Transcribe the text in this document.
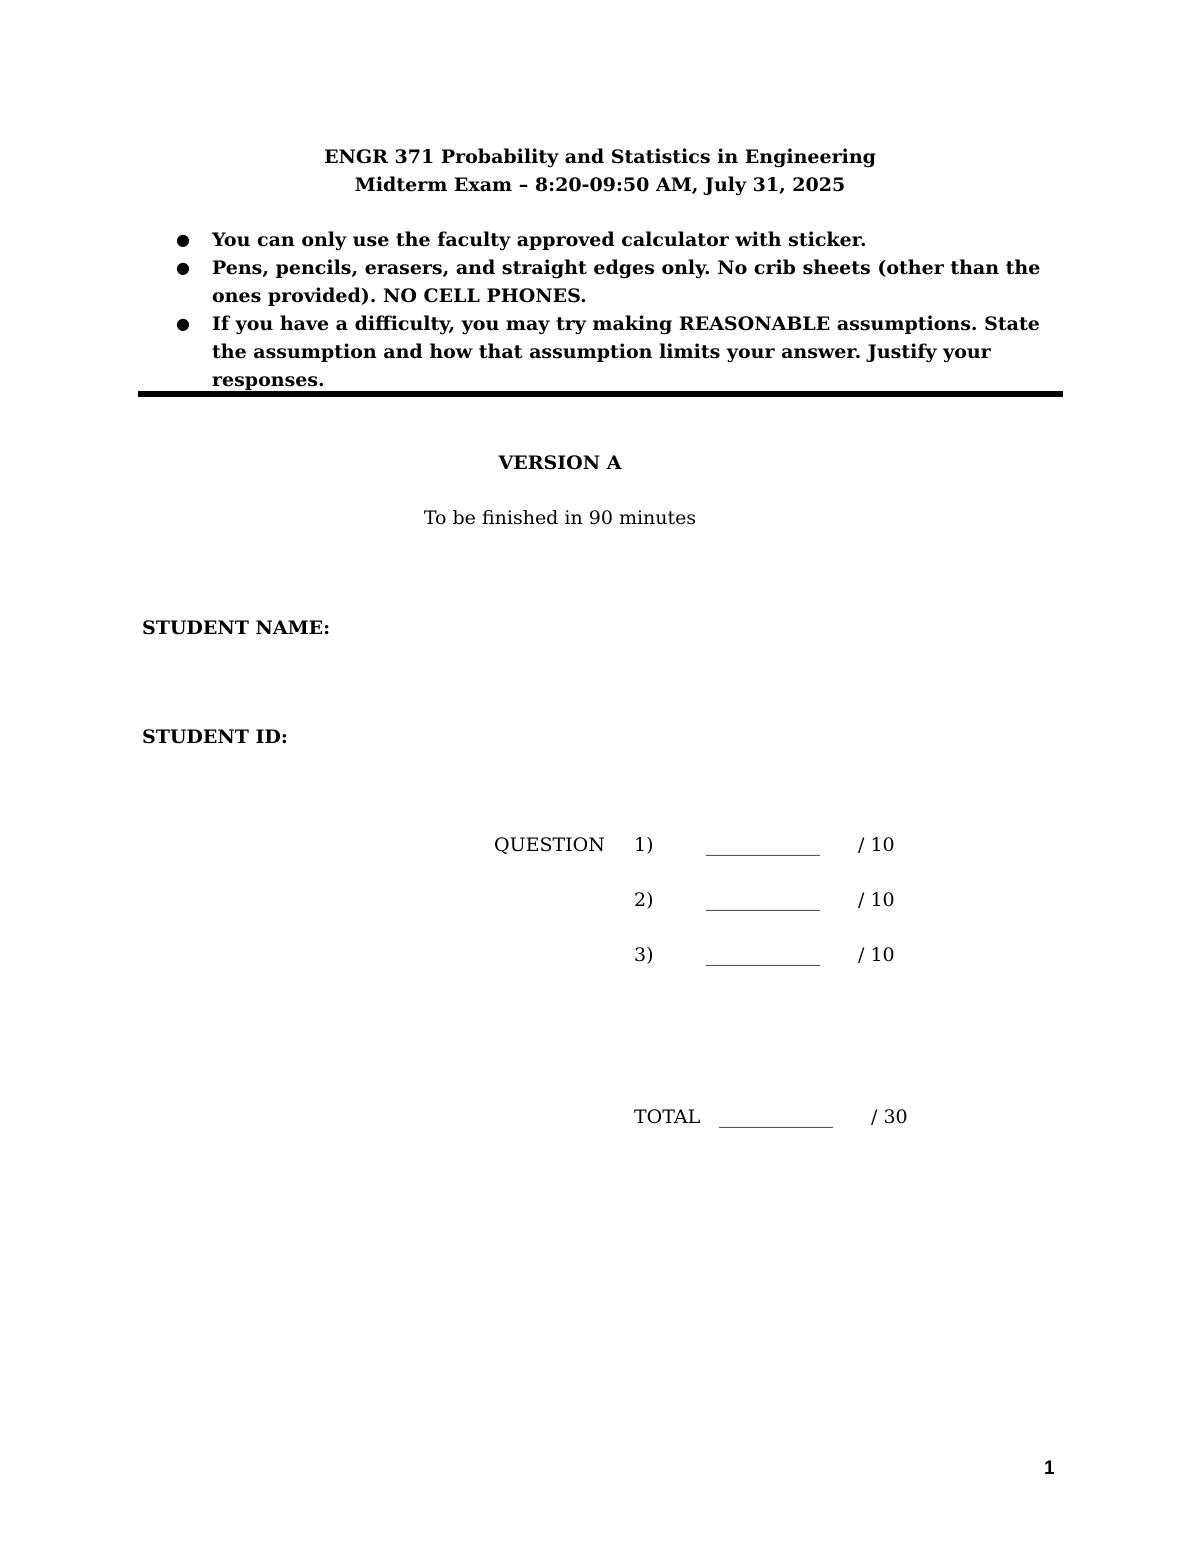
ENGR 371 Probability and Statistics in Engineering
Midterm Exam – 8:20-09:50 AM, July 31, 2025
● You can only use the faculty approved calculator with sticker.
● Pens, pencils, erasers, and straight edges only. No crib sheets (other than the ones provided). NO CELL PHONES.
● If you have a difficulty, you may try making REASONABLE assumptions. State the assumption and how that assumption limits your answer. Justify your responses.
VERSION A
To be finished in 90 minutes
STUDENT NAME:
STUDENT ID:
QUESTION 1)	____________ / 10
2)	____________ / 10
3)	____________ / 10
TOTAL ____________ / 30
1
